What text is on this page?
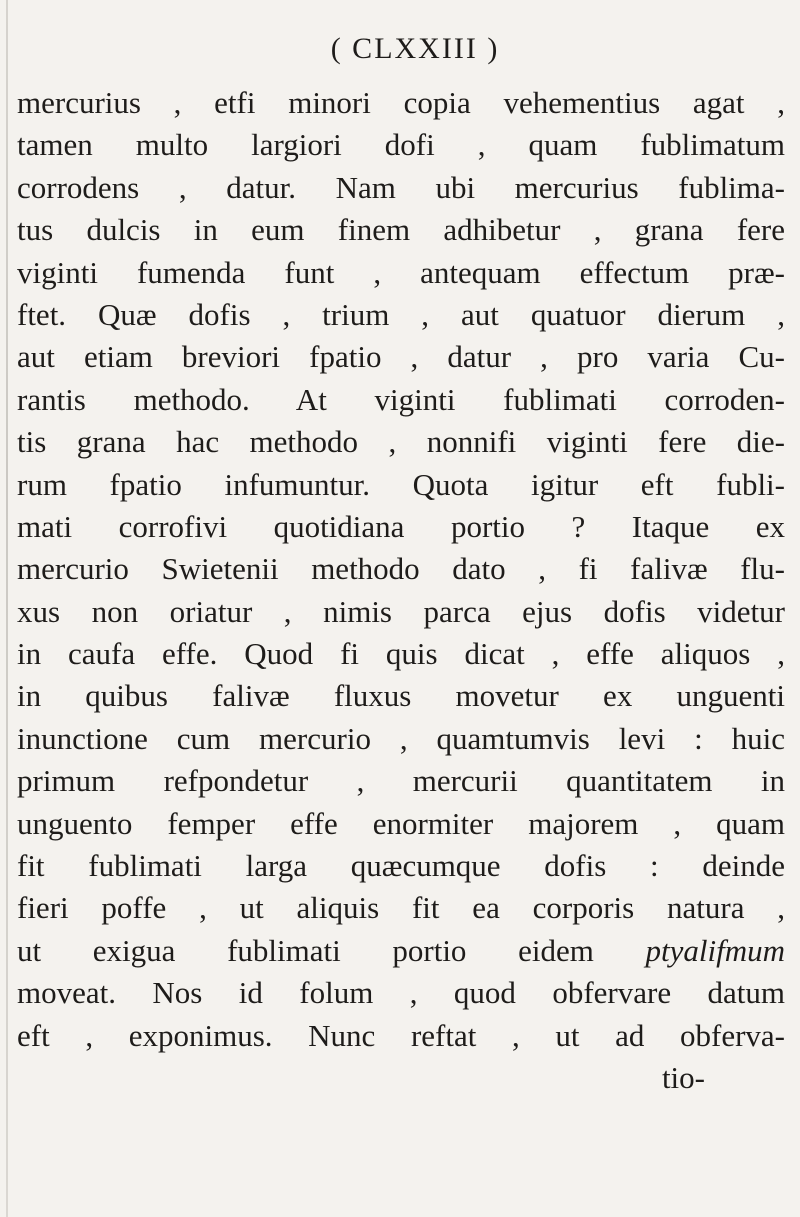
( CLXXIII )
mercurius , etfi minori copia vehementius agat ,
tamen multo largiori dofi , quam fublimatum
corrodens , datur. Nam ubi mercurius fublima-
tus dulcis in eum finem adhibetur , grana fere
viginti fumenda funt , antequam effectum præ-
ftet. Quæ dofis , trium , aut quatuor dierum ,
aut etiam breviori fpatio , datur , pro varia Cu-
rantis methodo. At viginti fublimati corroden-
tis grana hac methodo , nonnifi viginti fere die-
rum fpatio infumuntur. Quota igitur eft fubli-
mati corrofivi quotidiana portio ? Itaque ex
mercurio Swietenii methodo dato , fi falivæ flu-
xus non oriatur , nimis parca ejus dofis videtur
in caufa effe. Quod fi quis dicat , effe aliquos ,
in quibus falivæ fluxus movetur ex unguenti
inunctione cum mercurio , quamtumvis levi : huic
primum refpondetur , mercurii quantitatem in
unguento femper effe enormiter majorem , quam
fit fublimati larga quæcumque dofis : deinde
fieri poffe , ut aliquis fit ea corporis natura ,
ut exigua fublimati portio eidem ptyalifmum
moveat. Nos id folum , quod obfervare datum
eft , exponimus. Nunc reftat , ut ad obferva-
tio-
